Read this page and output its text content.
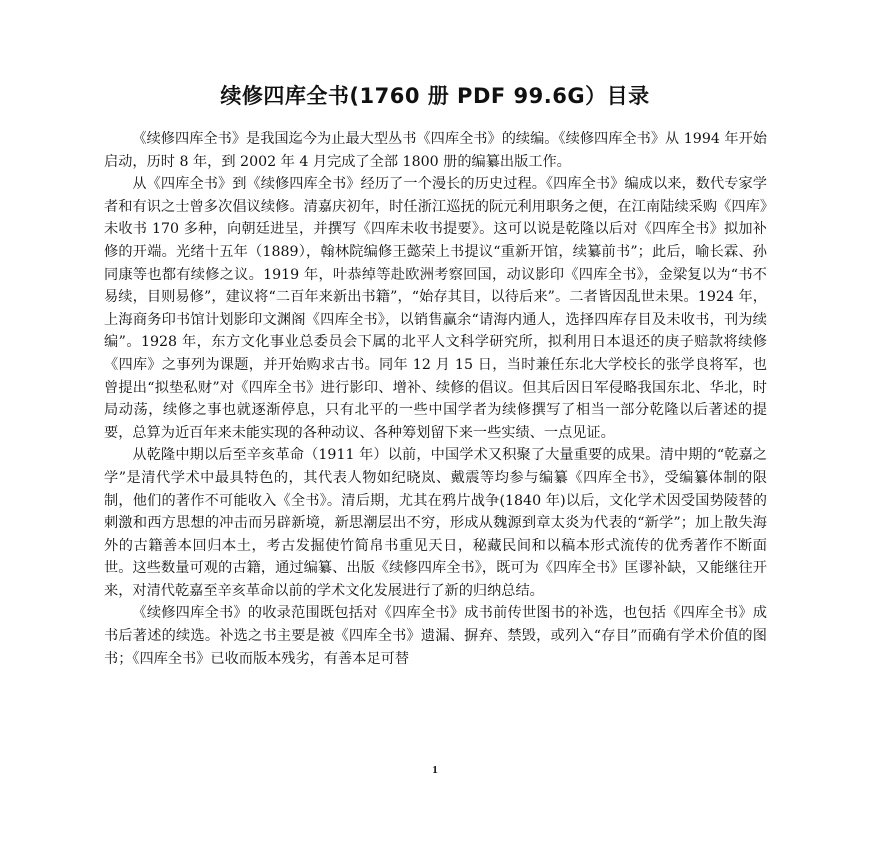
续修四库全书(1760 册 PDF 99.6G）目录

《续修四库全书》是我国迄今为止最大型丛书《四库全书》的续编。《续修四库全书》从 1994 年开始启动，历时 8 年，到 2002 年 4 月完成了全部 1800 册的编纂出版工作。

从《四库全书》到《续修四库全书》经历了一个漫长的历史过程。《四库全书》编成以来，数代专家学者和有识之士曾多次倡议续修。清嘉庆初年，时任浙江巡抚的阮元利用职务之便，在江南陆续采购《四库》未收书 170 多种，向朝廷进呈，并撰写《四库未收书提要》。这可以说是乾隆以后对《四库全书》拟加补修的开端。光绪十五年（1889），翰林院编修王懿荣上书提议“重新开馆，续纂前书”；此后，喻长霖、孙同康等也都有续修之议。1919 年，叶恭绰等赴欧洲考察回国，动议影印《四库全书》，金梁复以为“书不易续，目则易修”，建议将“二百年来新出书籍”，“始存其目，以待后来”。二者皆因乱世未果。1924 年，上海商务印书馆计划影印文渊阁《四库全书》，以销售赢余“请海内通人，选择四库存目及未收书，刊为续编”。1928 年，东方文化事业总委员会下属的北平人文科学研究所，拟利用日本退还的庚子赔款将续修《四库》之事列为课题，并开始购求古书。同年 12 月 15 日，当时兼任东北大学校长的张学良将军，也曾提出“拟垫私财”对《四库全书》进行影印、增补、续修的倡议。但其后因日军侵略我国东北、华北，时局动荡，续修之事也就逐渐停息，只有北平的一些中国学者为续修撰写了相当一部分乾隆以后著述的提要，总算为近百年来未能实现的各种动议、各种筹划留下来一些实绩、一点见证。

从乾隆中期以后至辛亥革命（1911 年）以前，中国学术又积聚了大量重要的成果。清中期的“乾嘉之学”是清代学术中最具特色的，其代表人物如纪晓岚、戴震等均参与编纂《四库全书》，受编纂体制的限制，他们的著作不可能收入《全书》。清后期，尤其在鸦片战争(1840 年)以后，文化学术因受国势陵替的刺激和西方思想的冲击而另辟新境，新思潮层出不穷，形成从魏源到章太炎为代表的“新学”；加上散失海外的古籍善本回归本土，考古发掘使竹简帛书重见天日，秘藏民间和以稿本形式流传的优秀著作不断面世。这些数量可观的古籍，通过编纂、出版《续修四库全书》，既可为《四库全书》匡谬补缺，又能继往开来，对清代乾嘉至辛亥革命以前的学术文化发展进行了新的归纳总结。

《续修四库全书》的收录范围既包括对《四库全书》成书前传世图书的补选，也包括《四库全书》成书后著述的续选。补选之书主要是被《四库全书》遗漏、摒弃、禁毁，或列入“存目”而确有学术价值的图书；《四库全书》已收而版本残劣，有善本足可替

1
